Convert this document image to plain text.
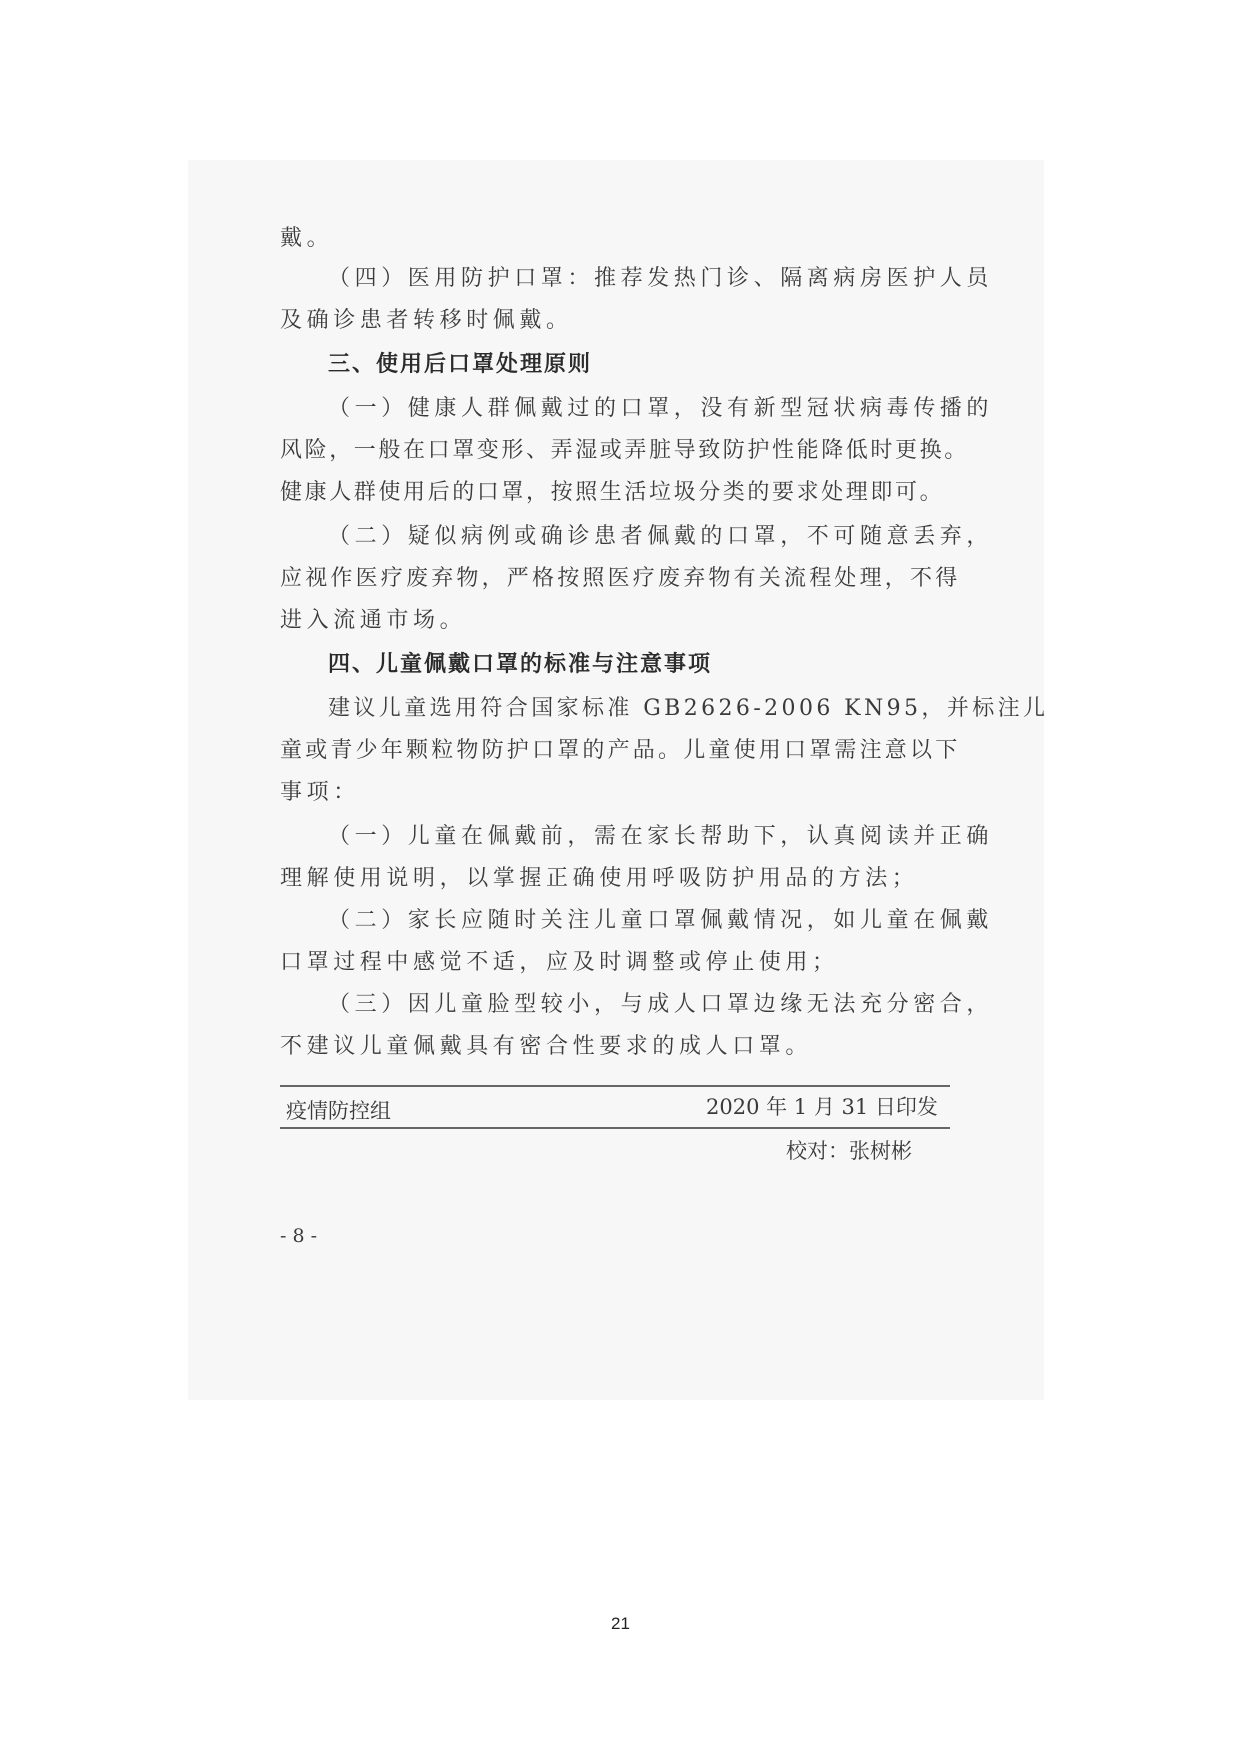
戴。
（四）医用防护口罩：推荐发热门诊、隔离病房医护人员
及确诊患者转移时佩戴。
三、使用后口罩处理原则
（一）健康人群佩戴过的口罩，没有新型冠状病毒传播的
风险，一般在口罩变形、弄湿或弄脏导致防护性能降低时更换。
健康人群使用后的口罩，按照生活垃圾分类的要求处理即可。
（二）疑似病例或确诊患者佩戴的口罩，不可随意丢弃，
应视作医疗废弃物，严格按照医疗废弃物有关流程处理，不得
进入流通市场。
四、儿童佩戴口罩的标准与注意事项
建议儿童选用符合国家标准 GB2626-2006 KN95，并标注儿
童或青少年颗粒物防护口罩的产品。儿童使用口罩需注意以下
事项：
（一）儿童在佩戴前，需在家长帮助下，认真阅读并正确
理解使用说明，以掌握正确使用呼吸防护用品的方法；
（二）家长应随时关注儿童口罩佩戴情况，如儿童在佩戴
口罩过程中感觉不适，应及时调整或停止使用；
（三）因儿童脸型较小，与成人口罩边缘无法充分密合，
不建议儿童佩戴具有密合性要求的成人口罩。
疫情防控组	2020 年 1 月 31 日印发
校对：张树彬
- 8 -
21
